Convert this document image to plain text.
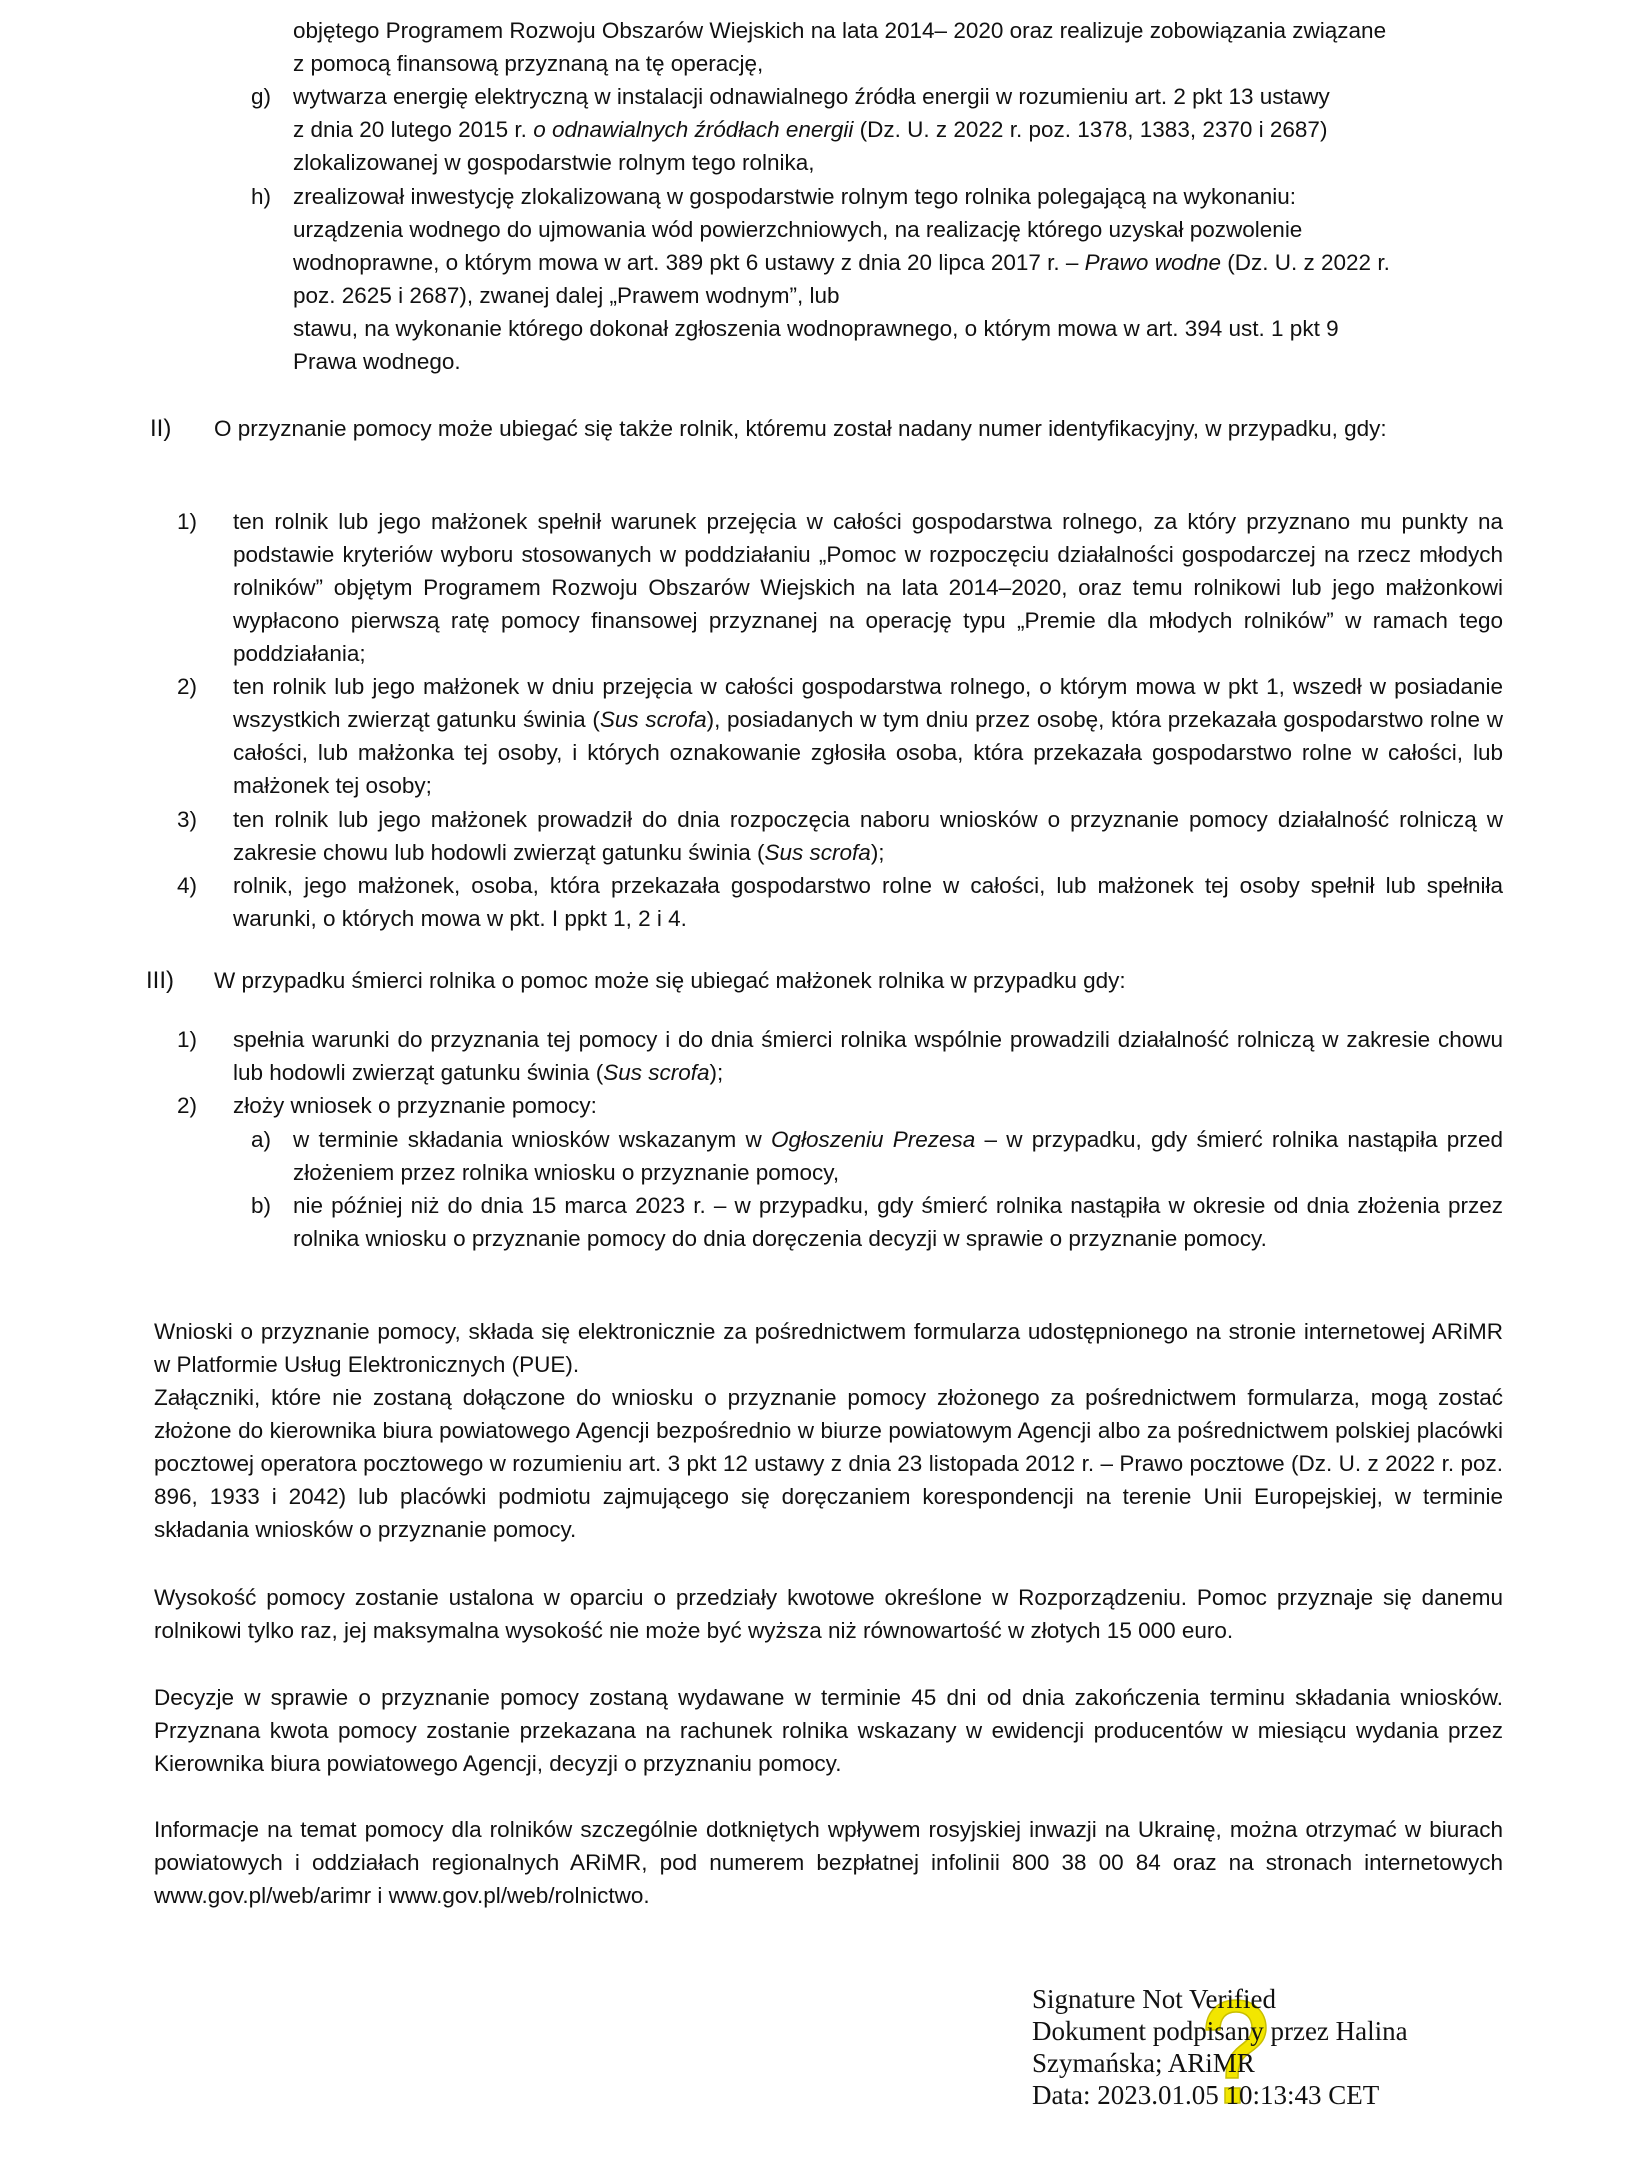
objętego Programem Rozwoju Obszarów Wiejskich na lata 2014– 2020 oraz realizuje zobowiązania związane
z pomocą finansową przyznaną na tę operację,
g) wytwarza energię elektryczną w instalacji odnawialnego źródła energii w rozumieniu art. 2 pkt 13 ustawy
z dnia 20 lutego 2015 r. o odnawialnych źródłach energii (Dz. U. z 2022 r. poz. 1378, 1383, 2370 i 2687)
zlokalizowanej w gospodarstwie rolnym tego rolnika,
h) zrealizował inwestycję zlokalizowaną w gospodarstwie rolnym tego rolnika polegającą na wykonaniu:
urządzenia wodnego do ujmowania wód powierzchniowych, na realizację którego uzyskał pozwolenie
wodnoprawne, o którym mowa w art. 389 pkt 6 ustawy z dnia 20 lipca 2017 r. – Prawo wodne (Dz. U. z 2022 r.
poz. 2625 i 2687), zwanej dalej „Prawem wodnym”, lub
stawu, na wykonanie którego dokonał zgłoszenia wodnoprawnego, o którym mowa w art. 394 ust. 1 pkt 9
Prawa wodnego.
II) O przyznanie pomocy może ubiegać się także rolnik, któremu został nadany numer identyfikacyjny, w przypadku, gdy:
1) ten rolnik lub jego małżonek spełnił warunek przejęcia w całości gospodarstwa rolnego, za który przyznano mu punkty na podstawie kryteriów wyboru stosowanych w poddziałaniu „Pomoc w rozpoczęciu działalności gospodarczej na rzecz młodych rolników” objętym Programem Rozwoju Obszarów Wiejskich na lata 2014–2020, oraz temu rolnikowi lub jego małżonkowi wypłacono pierwszą ratę pomocy finansowej przyznanej na operację typu „Premie dla młodych rolników” w ramach tego poddziałania;
2) ten rolnik lub jego małżonek w dniu przejęcia w całości gospodarstwa rolnego, o którym mowa w pkt 1, wszedł w posiadanie wszystkich zwierząt gatunku świnia (Sus scrofa), posiadanych w tym dniu przez osobę, która przekazała gospodarstwo rolne w całości, lub małżonka tej osoby, i których oznakowanie zgłosiła osoba, która przekazała gospodarstwo rolne w całości, lub małżonek tej osoby;
3) ten rolnik lub jego małżonek prowadził do dnia rozpoczęcia naboru wniosków o przyznanie pomocy działalność rolniczą w zakresie chowu lub hodowli zwierząt gatunku świnia (Sus scrofa);
4) rolnik, jego małżonek, osoba, która przekazała gospodarstwo rolne w całości, lub małżonek tej osoby spełnił lub spełniła warunki, o których mowa w pkt. I ppkt 1, 2 i 4.
III) W przypadku śmierci rolnika o pomoc może się ubiegać małżonek rolnika w przypadku gdy:
1) spełnia warunki do przyznania tej pomocy i do dnia śmierci rolnika wspólnie prowadzili działalność rolniczą w zakresie chowu lub hodowli zwierząt gatunku świnia (Sus scrofa);
2) złoży wniosek o przyznanie pomocy:
a) w terminie składania wniosków wskazanym w Ogłoszeniu Prezesa – w przypadku, gdy śmierć rolnika nastąpiła przed złożeniem przez rolnika wniosku o przyznanie pomocy,
b) nie później niż do dnia 15 marca 2023 r. – w przypadku, gdy śmierć rolnika nastąpiła w okresie od dnia złożenia przez rolnika wniosku o przyznanie pomocy do dnia doręczenia decyzji w sprawie o przyznanie pomocy.
Wnioski o przyznanie pomocy, składa się elektronicznie za pośrednictwem formularza udostępnionego na stronie internetowej ARiMR w Platformie Usług Elektronicznych (PUE).
Załączniki, które nie zostaną dołączone do wniosku o przyznanie pomocy złożonego za pośrednictwem formularza, mogą zostać złożone do kierownika biura powiatowego Agencji bezpośrednio w biurze powiatowym Agencji albo za pośrednictwem polskiej placówki pocztowej operatora pocztowego w rozumieniu art. 3 pkt 12 ustawy z dnia 23 listopada 2012 r. – Prawo pocztowe (Dz. U. z 2022 r. poz. 896, 1933 i 2042) lub placówki podmiotu zajmującego się doręczaniem korespondencji na terenie Unii Europejskiej, w terminie składania wniosków o przyznanie pomocy.
Wysokość pomocy zostanie ustalona w oparciu o przedziały kwotowe określone w Rozporządzeniu. Pomoc przyznaje się danemu rolnikowi tylko raz, jej maksymalna wysokość nie może być wyższa niż równowartość w złotych 15 000 euro.
Decyzje w sprawie o przyznanie pomocy zostaną wydawane w terminie 45 dni od dnia zakończenia terminu składania wniosków. Przyznana kwota pomocy zostanie przekazana na rachunek rolnika wskazany w ewidencji producentów w miesiącu wydania przez Kierownika biura powiatowego Agencji, decyzji o przyznaniu pomocy.
Informacje na temat pomocy dla rolników szczególnie dotkniętych wpływem rosyjskiej inwazji na Ukrainę, można otrzymać w biurach powiatowych i oddziałach regionalnych ARiMR, pod numerem bezpłatnej infolinii 800 38 00 84 oraz na stronach internetowych www.gov.pl/web/arimr i www.gov.pl/web/rolnictwo.
Signature Not Verified
Dokument podpisany przez Halina
Szymańska; ARiMR
Data: 2023.01.05 10:13:43 CET
